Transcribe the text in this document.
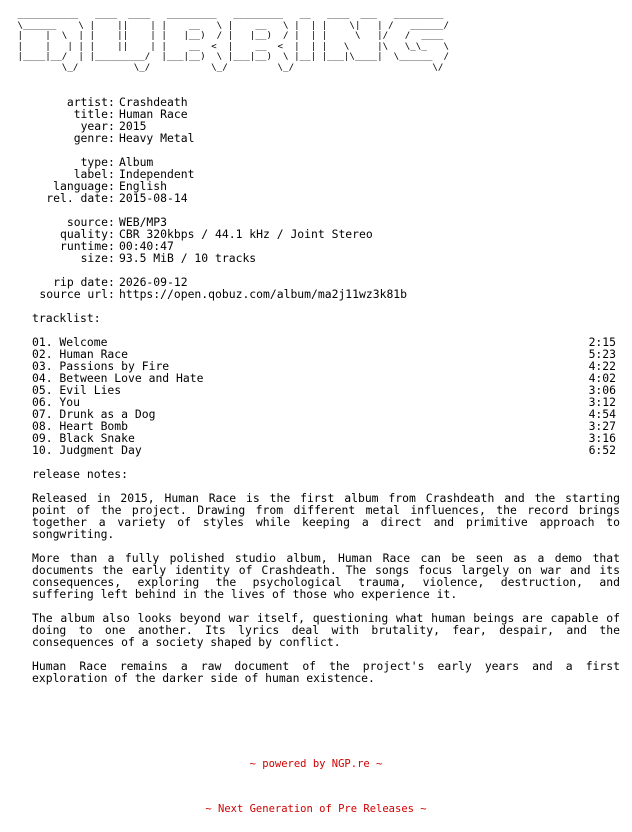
___________   ____  ____   _________   _________   __   ____  ___   _________
\______    \ |    ||    | |    __   \ |    __   \ |  | |    \|   | /   ______/
|    |  \  | |    ||    | |   |__)  / |   |__)  / |  | |     \   |/   /  ____
|    |   | | |    ||    | |    __  <  |    __  <  |  | |   \     |\   \_\_   \
|____|__/  | |_________/  |___|__)  \ |___|__)  \ |__| |___|\____|  \______  /
\_/          \_/           \_/         \_/                         \/
artist :
Crashdeath
title :
Human Race
year :
2015
genre :
Heavy Metal
type :
Album
label :
Independent
language :
English
rel. date :
2015-08-14
source :
WEB/MP3
quality :
CBR 320kbps / 44.1 kHz / Joint Stereo
runtime :
00:40:47
size :
93.5 MiB / 10 tracks
rip date :
2026-09-12
source url :
https://open.qobuz.com/album/ma2j11wz3k81b
tracklist:
01. Welcome	2:15
02. Human Race	5:23
03. Passions by Fire	4:22
04. Between Love and Hate	4:02
05. Evil Lies	3:06
06. You	3:12
07. Drunk as a Dog	4:54
08. Heart Bomb	3:27
09. Black Snake	3:16
10. Judgment Day	6:52
release notes:

Released in 2015, Human Race is the first album from Crashdeath and the starting point of the project. Drawing from different metal influences, the record brings together a variety of styles while keeping a direct and primitive approach to songwriting.

More than a fully polished studio album, Human Race can be seen as a demo that documents the early identity of Crashdeath. The songs focus largely on war and its consequences, exploring the psychological trauma, violence, destruction, and suffering left behind in the lives of those who experience it.

The album also looks beyond war itself, questioning what human beings are capable of doing to one another. Its lyrics deal with brutality, fear, despair, and the consequences of a society shaped by conflict.

Human Race remains a raw document of the project's early years and a first exploration of the darker side of human existence.

~ powered by NGP.re ~

~ Next Generation of Pre Releases ~
